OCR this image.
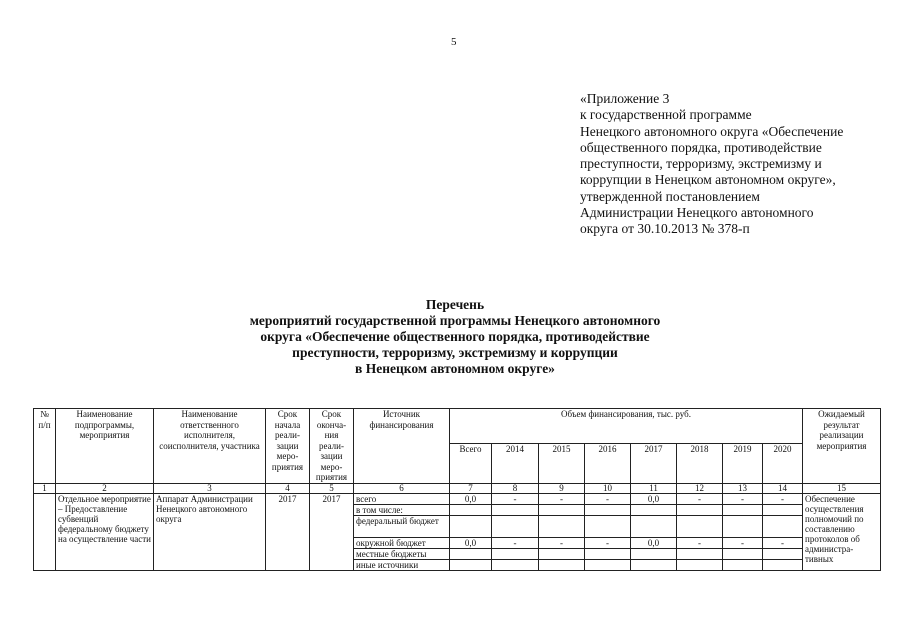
5
«Приложение 3
к государственной программе
Ненецкого автономного округа «Обеспечение
общественного порядка, противодействие
преступности, терроризму, экстремизму и
коррупции в Ненецком автономном округе»,
утвержденной постановлением
Администрации Ненецкого автономного
округа от 30.10.2013 № 378-п
Перечень
мероприятий государственной программы Ненецкого автономного
округа «Обеспечение общественного порядка, противодействие
преступности, терроризму, экстремизму и коррупции
в Ненецком автономном округе»
№ п/п	Наименование подпрограммы, мероприятия	Наименование ответственного исполнителя, соисполнителя, участника	Срок начала реали-зации меро-приятия	Срок оконча-ния реали-зации меро-приятия	Источник финансирования	Объем финансирования, тыс. руб.								Ожидаемый результат реализации мероприятия
						Всего	2014	2015	2016	2017	2018	2019	2020	
1	2	3	4	5	6	7	8	9	10	11	12	13	14	15
	Отдельное мероприятие – Предоставление субвенций федеральному бюджету на осуществление части	Аппарат Администрации Ненецкого автономного округа	2017	2017	всего	0,0	-	-	-	0,0	-	-	-	Обеспечение осуществления полномочий по составлению протоколов об администра-тивных
					в том числе:									
					федеральный бюджет									
					окружной бюджет	0,0	-	-	-	0,0	-	-	-	
					местные бюджеты									
					иные источники									
